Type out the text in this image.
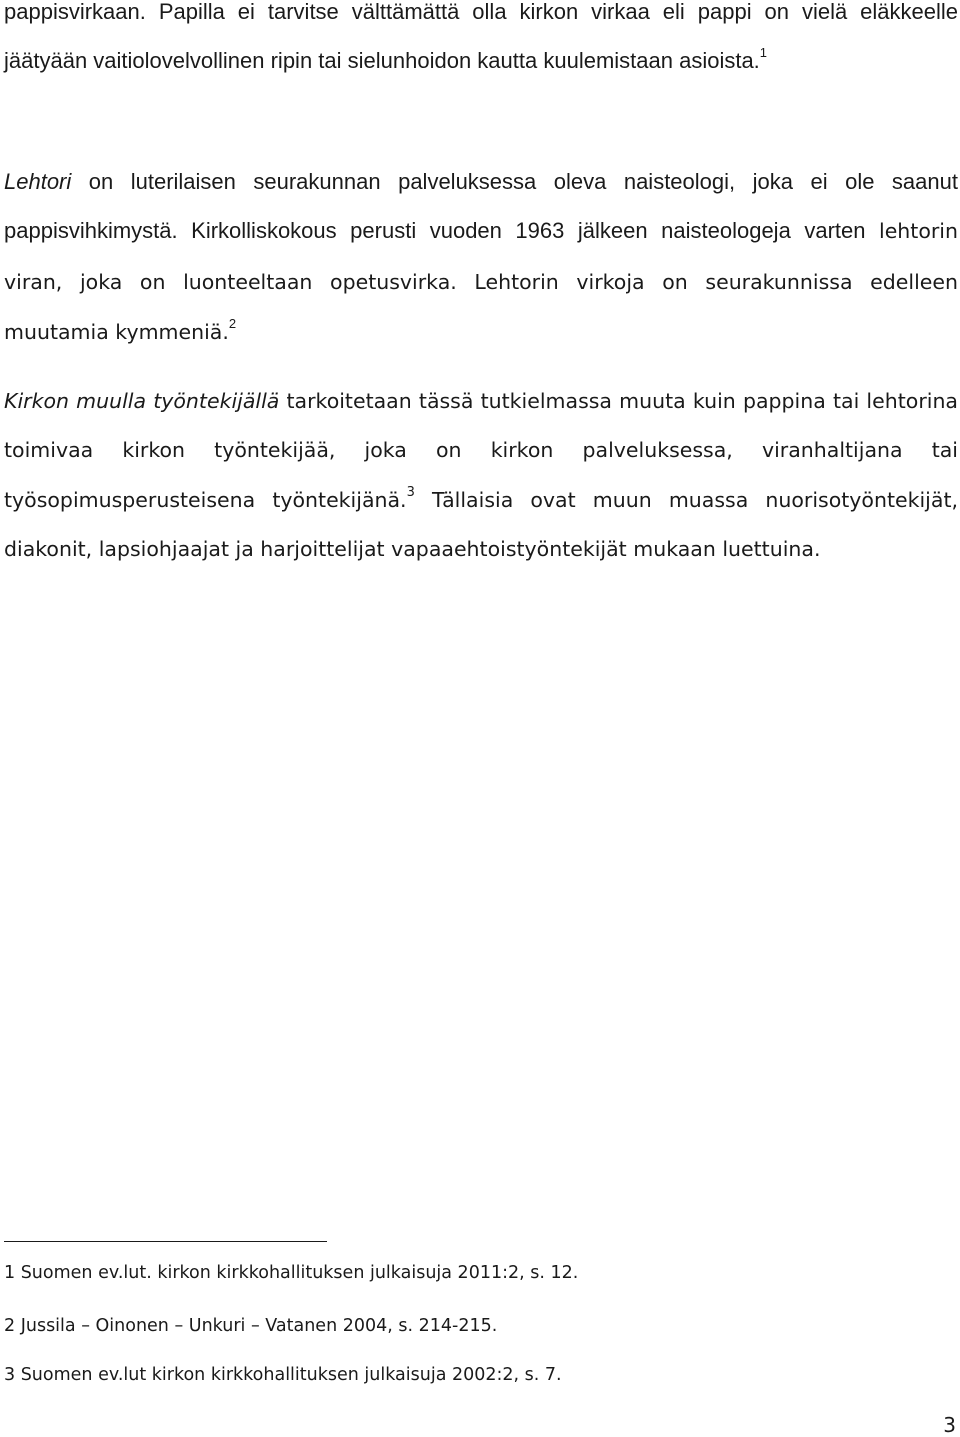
pappisvirkaan. Papilla ei tarvitse välttämättä olla kirkon virkaa eli pappi on vielä eläkkeelle jäätyään vaitiolovelvollinen ripin tai sielunhoidon kautta kuulemistaan asioista.$^1$

Lehtori on luterilaisen seurakunnan palveluksessa oleva naisteologi, joka ei ole saanut pappisvihkimystä. Kirkolliskokous perusti vuoden 1963 jälkeen naisteologeja varten lehtorin viran, joka on luonteeltaan opetusvirka. Lehtorin virkoja on seurakunnissa edelleen muutamia kymmeniä.$^2$

Kirkon muulla työntekijällä tarkoitetaan tässä tutkielmassa muuta kuin pappina tai lehtorina toimivaa kirkon työntekijää, joka on kirkon palveluksessa, viranhaltijana tai työsopimusperusteisena työntekijänä.$^3$ Tällaisia ovat muun muassa nuorisotyöntekijät, diakonit, lapsiohjaajat ja harjoittelijat vapaaehtoistyöntekijät mukaan luettuina.

1 Suomen ev.lut. kirkon kirkkohallituksen julkaisuja 2011:2, s. 12.
2 Jussila – Oinonen – Unkuri – Vatanen 2004, s. 214-215.
3 Suomen ev.lut kirkon kirkkohallituksen julkaisuja 2002:2, s. 7.
3
